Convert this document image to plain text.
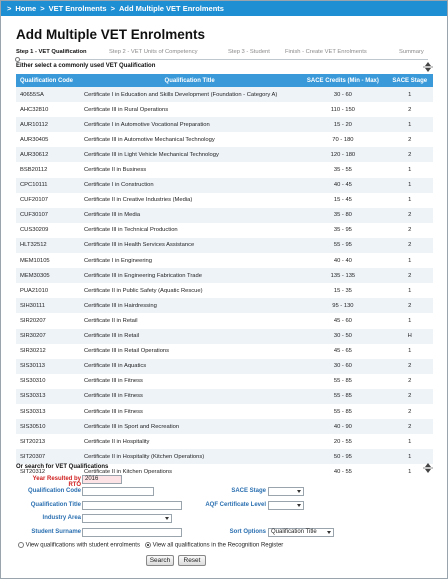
> Home > VET Enrolments > Add Multiple VET Enrolments
Add Multiple VET Enrolments
Step 1 - VET Qualification	Step 2 - VET Units of Competency	Step 3 - Student	Finish - Create VET Enrolments	Summary
Either select a commonly used VET Qualification
Qualification Code	Qualification Title	SACE Credits (Min - Max)	SACE Stage
40655SA	Certificate I in Education and Skills Development (Foundation - Category A)	30 - 60	1
AHC32810	Certificate III in Rural Operations	110 - 150	2
AUR10112	Certificate I in Automotive Vocational Preparation	15 - 20	1
AUR30405	Certificate III in Automotive Mechanical Technology	70 - 180	2
AUR30612	Certificate III in Light Vehicle Mechanical Technology	120 - 180	2
BSB20112	Certificate II in Business	35 - 55	1
CPC10111	Certificate I in Construction	40 - 45	1
CUF20107	Certificate II in Creative Industries (Media)	15 - 45	1
CUF30107	Certificate III in Media	35 - 80	2
CUS30209	Certificate III in Technical Production	35 - 95	2
HLT32512	Certificate III in Health Services Assistance	55 - 95	2
MEM10105	Certificate I in Engineering	40 - 40	1
MEM30305	Certificate III in Engineering Fabrication Trade	135 - 135	2
PUA21010	Certificate II in Public Safety (Aquatic Rescue)	15 - 35	1
SIH30111	Certificate III in Hairdressing	95 - 130	2
SIR20207	Certificate II in Retail	45 - 60	1
SIR30207	Certificate III in Retail	30 - 50	H
SIR30212	Certificate III in Retail Operations	45 - 65	1
SIS30113	Certificate III in Aquatics	30 - 60	2
SIS30310	Certificate III in Fitness	55 - 85	2
SIS30313	Certificate III in Fitness	55 - 85	2
SIS30313	Certificate III in Fitness	55 - 85	2
SIS30510	Certificate III in Sport and Recreation	40 - 90	2
SIT20213	Certificate II in Hospitality	20 - 55	1
SIT20307	Certificate II in Hospitality (Kitchen Operations)	50 - 95	1
SIT20312	Certificate II in Kitchen Operations	40 - 55	1
Or search for VET Qualifications
Year Resulted by RTO
2016
Qualification Code	SACE Stage
Qualification Title	AQF Certificate Level
Industry Area
Student Surname	Sort Options Qualification Title
View qualifications with student enrolments View all qualifications in the Recognition Register
Search	Reset
